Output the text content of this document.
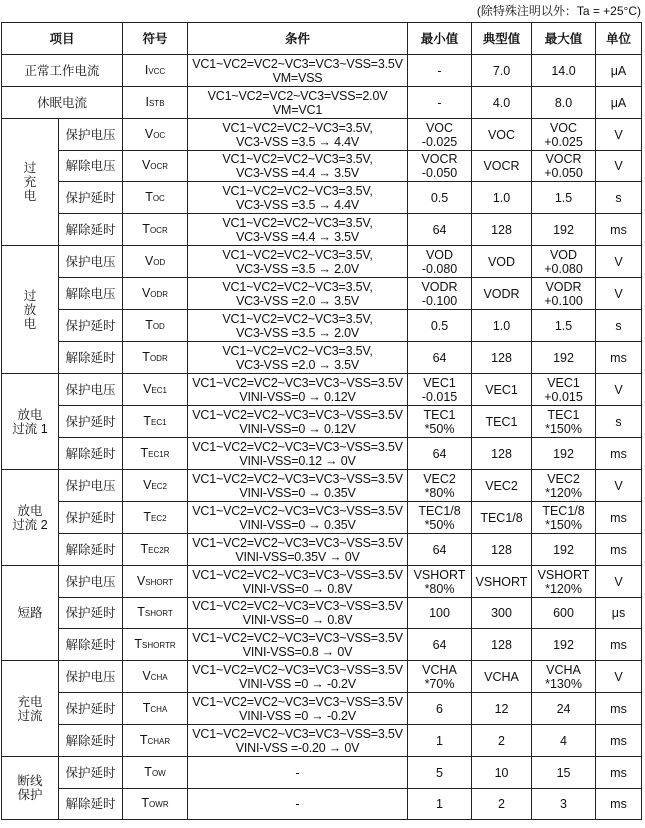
(除特殊注明以外：Ta = +25°C)
项目		符号	条件	最小值	典型值	最大值	单位
正常工作电流		IVCC	VC1~VC2=VC2~VC3=VC3~VSS=3.5V
VM=VSS	-	7.0	14.0	μA
休眠电流		ISTB	VC1~VC2=VC2~VC3=VSS=2.0V
VM=VC1	-	4.0	8.0	μA
过
充
电	保护电压	VOC	VC1~VC2=VC2~VC3=3.5V,
VC3-VSS =3.5 → 4.4V	VOC
-0.025	VOC	VOC
+0.025	V
	解除电压	VOCR	VC1~VC2=VC2~VC3=3.5V,
VC3-VSS =4.4 → 3.5V	VOCR
-0.050	VOCR	VOCR
+0.050	V
	保护延时	TOC	VC1~VC2=VC2~VC3=3.5V,
VC3-VSS =3.5 → 4.4V	0.5	1.0	1.5	s
	解除延时	TOCR	VC1~VC2=VC2~VC3=3.5V,
VC3-VSS =4.4 → 3.5V	64	128	192	ms
过
放
电	保护电压	VOD	VC1~VC2=VC2~VC3=3.5V,
VC3-VSS =3.5 → 2.0V	VOD
-0.080	VOD	VOD
+0.080	V
	解除电压	VODR	VC1~VC2=VC2~VC3=3.5V,
VC3-VSS =2.0 → 3.5V	VODR
-0.100	VODR	VODR
+0.100	V
	保护延时	TOD	VC1~VC2=VC2~VC3=3.5V,
VC3-VSS =3.5 → 2.0V	0.5	1.0	1.5	s
	解除延时	TODR	VC1~VC2=VC2~VC3=3.5V,
VC3-VSS =2.0 → 3.5V	64	128	192	ms
放电
过流 1	保护电压	VEC1	VC1~VC2=VC2~VC3=VC3~VSS=3.5V
VINI-VSS=0 → 0.12V	VEC1
-0.015	VEC1	VEC1
+0.015	V
	保护延时	TEC1	VC1~VC2=VC2~VC3=VC3~VSS=3.5V
VINI-VSS=0 → 0.12V	TEC1
*50%	TEC1	TEC1
*150%	s
	解除延时	TEC1R	VC1~VC2=VC2~VC3=VC3~VSS=3.5V
VINI-VSS=0.12 → 0V	64	128	192	ms
放电
过流 2	保护电压	VEC2	VC1~VC2=VC2~VC3=VC3~VSS=3.5V
VINI-VSS=0 → 0.35V	VEC2
*80%	VEC2	VEC2
*120%	V
	保护延时	TEC2	VC1~VC2=VC2~VC3=VC3~VSS=3.5V
VINI-VSS=0 → 0.35V	TEC1/8
*50%	TEC1/8	TEC1/8
*150%	ms
	解除延时	TEC2R	VC1~VC2=VC2~VC3=VC3~VSS=3.5V
VINI-VSS=0.35V → 0V	64	128	192	ms
短路	保护电压	VSHORT	VC1~VC2=VC2~VC3=VC3~VSS=3.5V
VINI-VSS=0 → 0.8V	VSHORT
*80%	VSHORT	VSHORT
*120%	V
	保护延时	TSHORT	VC1~VC2=VC2~VC3=VC3~VSS=3.5V
VINI-VSS=0 → 0.8V	100	300	600	μs
	解除延时	TSHORTR	VC1~VC2=VC2~VC3=VC3~VSS=3.5V
VINI-VSS=0.8 → 0V	64	128	192	ms
充电
过流	保护电压	VCHA	VC1~VC2=VC2~VC3=VC3~VSS=3.5V
VINI-VSS =0 → -0.2V	VCHA
*70%	VCHA	VCHA
*130%	V
	保护延时	TCHA	VC1~VC2=VC2~VC3=VC3~VSS=3.5V
VINI-VSS =0 → -0.2V	6	12	24	ms
	解除延时	TCHAR	VC1~VC2=VC2~VC3=VC3~VSS=3.5V
VINI-VSS =-0.20 → 0V	1	2	4	ms
断线
保护	保护延时	TOW	-	5	10	15	ms
	解除延时	TOWR	-	1	2	3	ms
